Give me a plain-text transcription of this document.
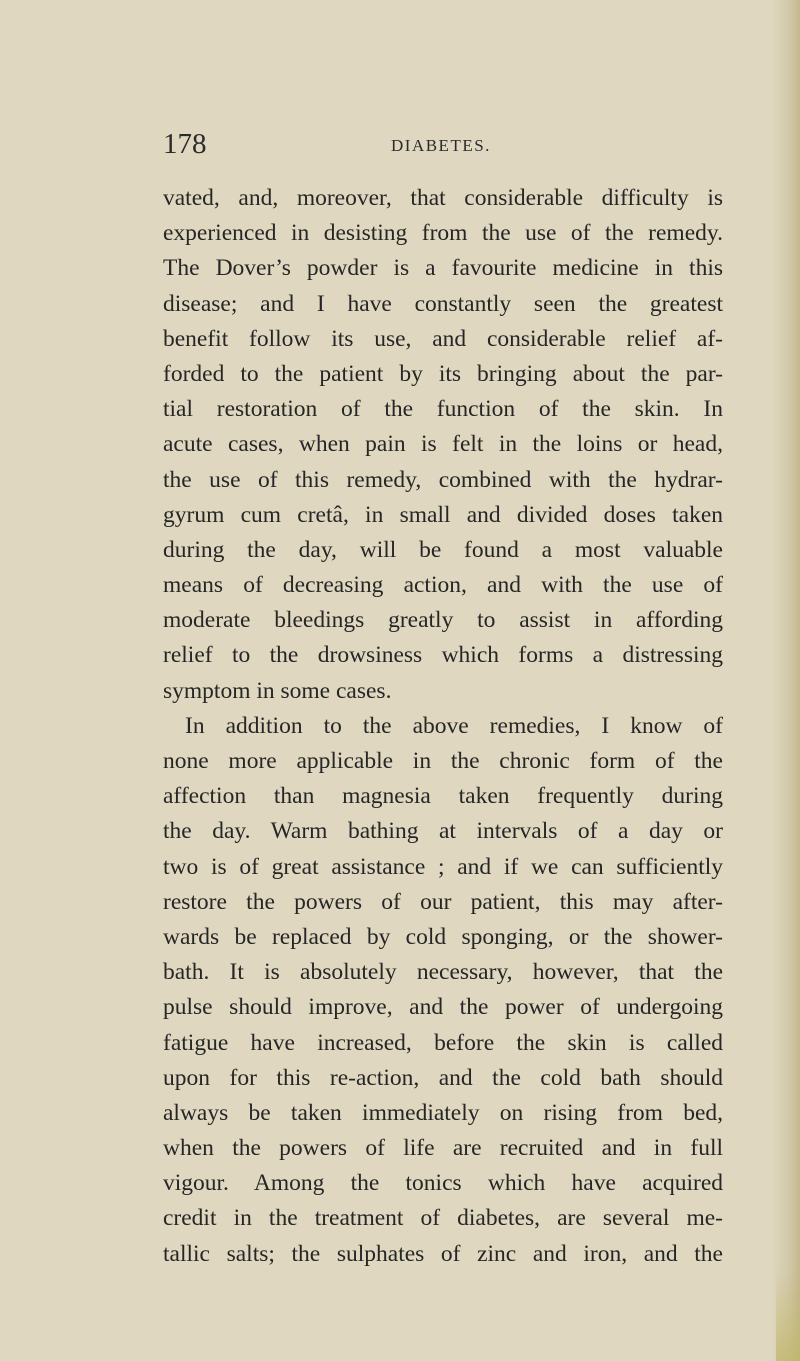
178	DIABETES.
vated, and, moreover, that considerable difficulty is
experienced in desisting from the use of the remedy.
The Dover’s powder is a favourite medicine in this
disease; and I have constantly seen the greatest
benefit follow its use, and considerable relief af-
forded to the patient by its bringing about the par-
tial restoration of the function of the skin. In
acute cases, when pain is felt in the loins or head,
the use of this remedy, combined with the hydrar-
gyrum cum cretâ, in small and divided doses taken
during the day, will be found a most valuable
means of decreasing action, and with the use of
moderate bleedings greatly to assist in affording
relief to the drowsiness which forms a distressing
symptom in some cases.
In addition to the above remedies, I know of
none more applicable in the chronic form of the
affection than magnesia taken frequently during
the day. Warm bathing at intervals of a day or
two is of great assistance ; and if we can sufficiently
restore the powers of our patient, this may after-
wards be replaced by cold sponging, or the shower-
bath. It is absolutely necessary, however, that the
pulse should improve, and the power of undergoing
fatigue have increased, before the skin is called
upon for this re-action, and the cold bath should
always be taken immediately on rising from bed,
when the powers of life are recruited and in full
vigour. Among the tonics which have acquired
credit in the treatment of diabetes, are several me-
tallic salts; the sulphates of zinc and iron, and the
